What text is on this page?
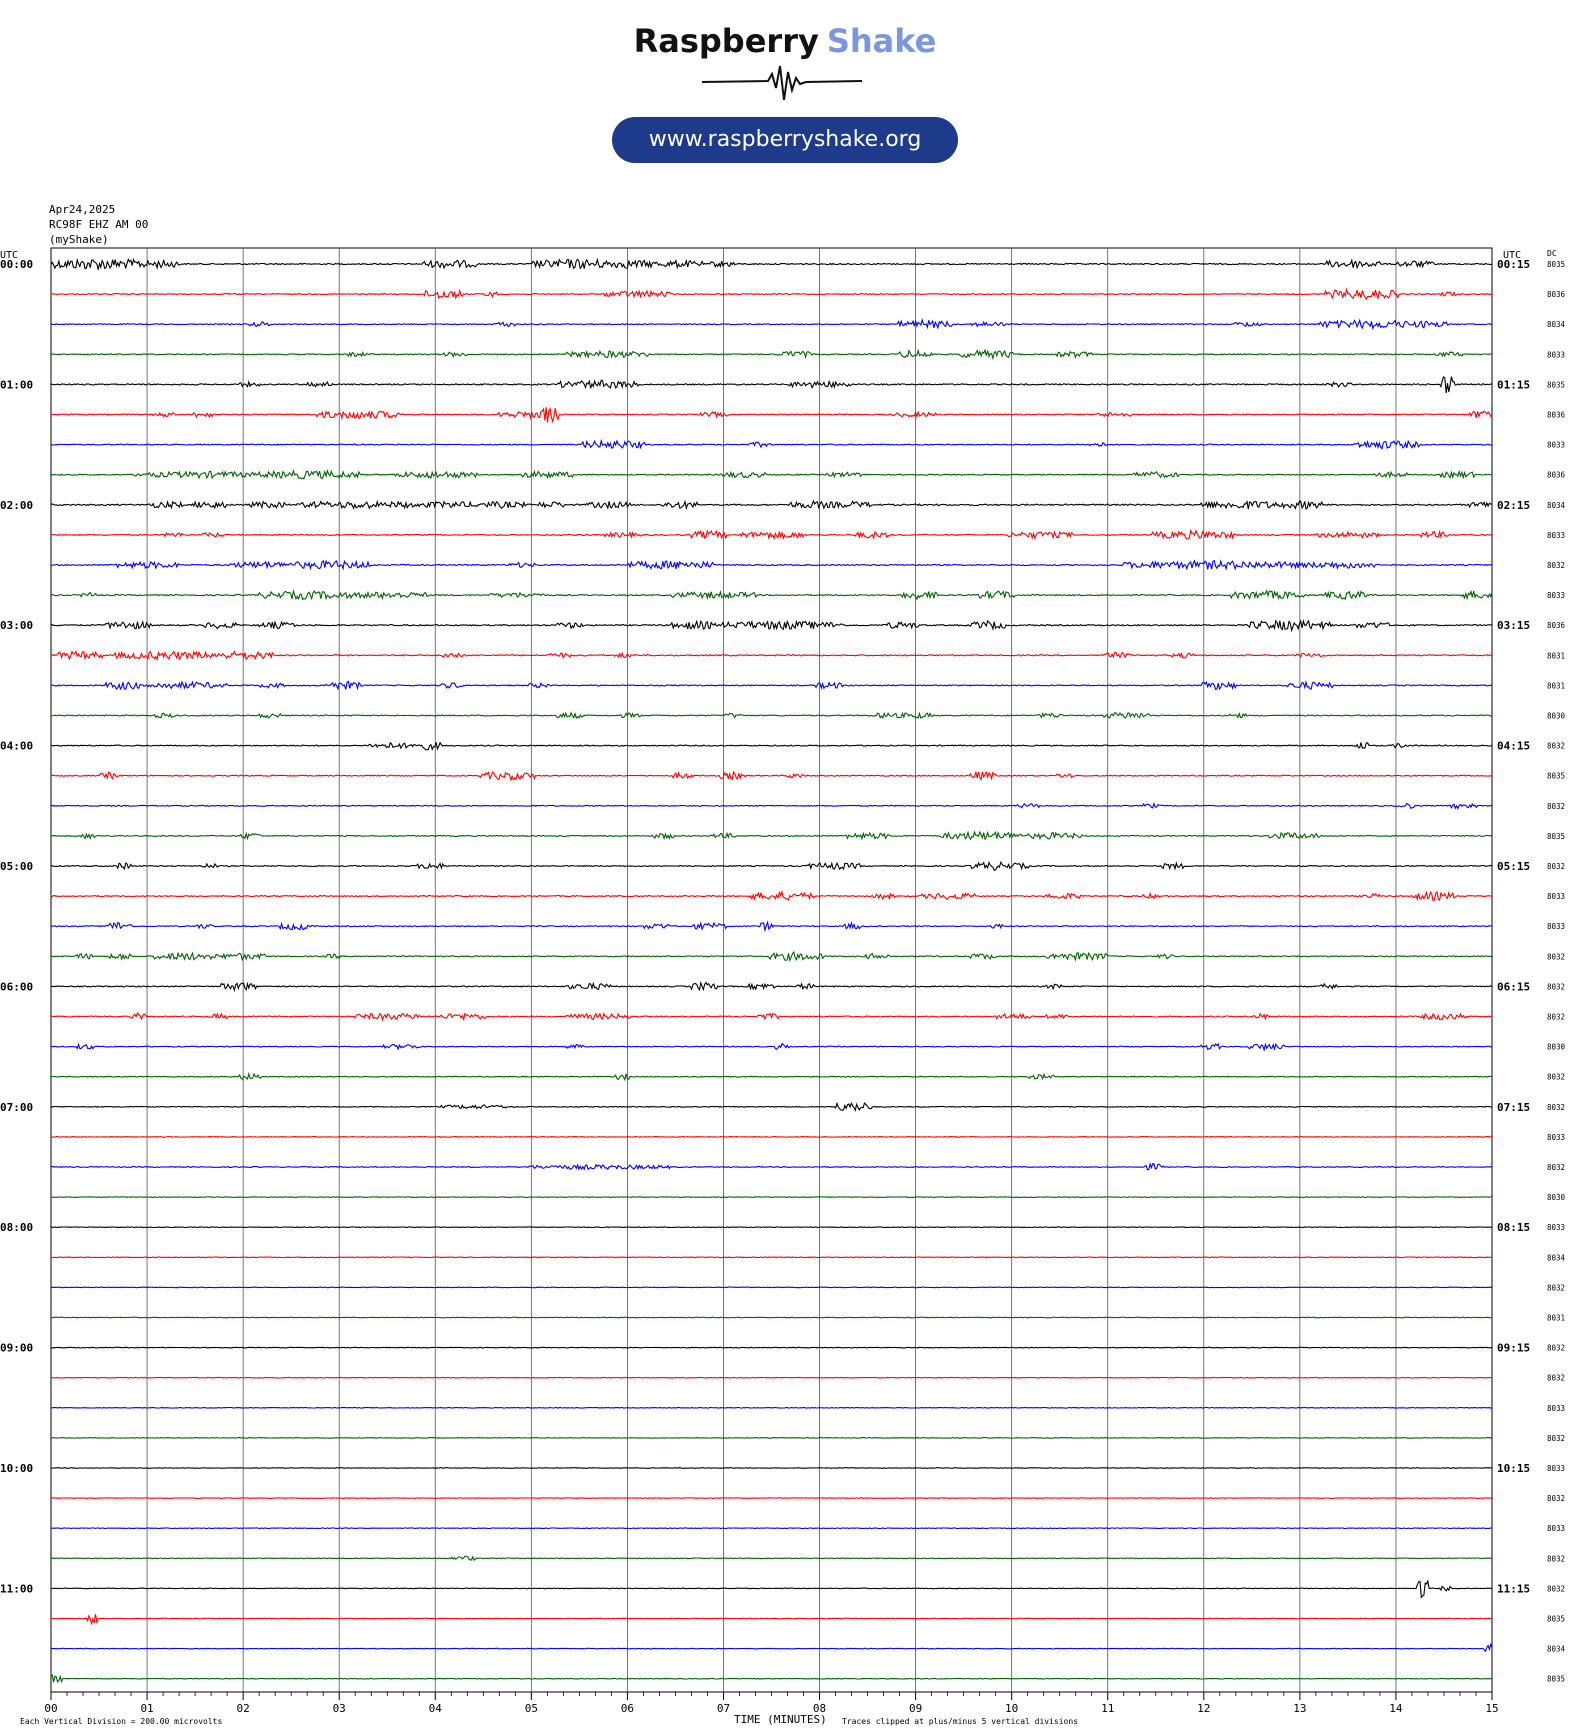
Raspberry Shake
www.raspberryshake.org
Apr24,2025
RC98F EHZ AM 00
(myShake)
UTC	UTC	DC
TIME (MINUTES)
Each Vertical Division = 200.00 microvolts	Traces clipped at plus/minus 5 vertical divisions
00:00
01:00
02:00
03:00
04:00
05:00
06:00
07:00
08:00
09:00
10:00
11:00
00:15
01:15
02:15
03:15
04:15
05:15
06:15
07:15
08:15
09:15
10:15
11:15
8035
8036
8034
8033
8035
8036
8033
8036
8034
8033
8032
8033
8036
8031
8031
8030
8032
8035
8032
8035
8032
8033
8033
8032
8032
8032
8030
8032
8032
8033
8032
8030
8033
8034
8032
8031
8032
8032
8033
8032
8033
8032
8033
8032
8032
8035
8034
8035
00	01	02	03	04	05	06	07	08	09	10	11	12	13	14	15
